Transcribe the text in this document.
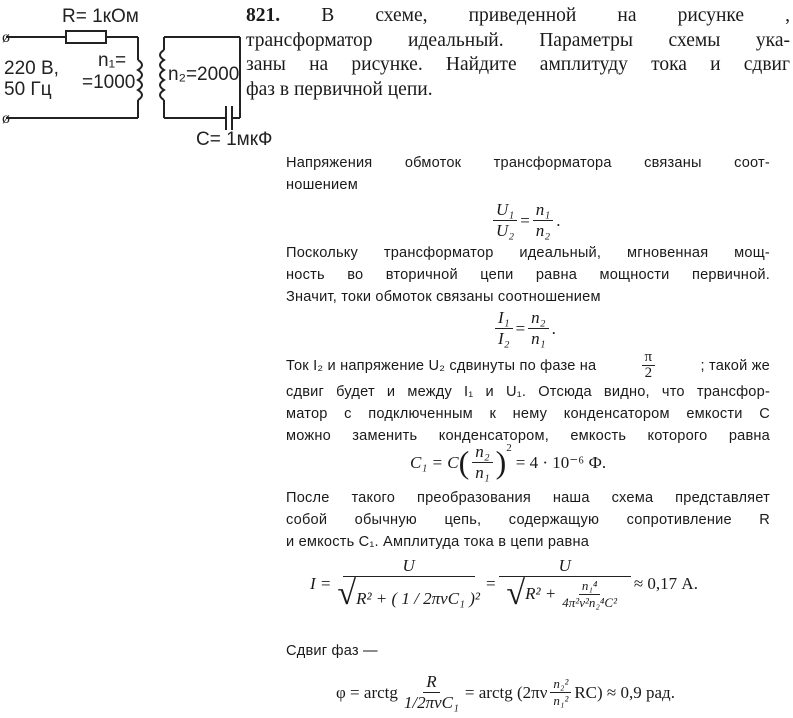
R= 1кОм
220 В,
50 Гц
n₁=
=1000 n₂=2000
C= 1мкФ
ø
ø
821. В схеме, приведенной на рисунке ,
трансформатор идеальный. Параметры схемы ука-
заны на рисунке. Найдите амплитуду тока и сдвиг
фаз в первичной цепи.
Напряжения обмоток трансформатора связаны соот-
ношением
$\frac{\text{U₁}}{\text{U₂}} = \frac{\text{n₁}}{\text{n₂}}$ .
Поскольку трансформатор идеальный, мгновенная мощ-
ность во вторичной цепи равна мощности первичной.
Значит, токи обмоток связаны соотношением
$\frac{\text{I₁}}{\text{I₂}} = \frac{\text{n₂}}{\text{n₁}}$ .
Ток I₂ и напряжение U₂ сдвинуты по фазе на	$\frac{\pi}{2}$	; такой же
сдвиг будет и между I₁ и U₁. Отсюда видно, что трансфор-
матор с подключенным к нему конденсатором емкости C
можно заменить конденсатором, емкость которого равна
C₁ = C ( $\frac{\text{n₂}}{\text{n₁}} )^2$
= 4 · 10⁻⁶ Ф.
После такого преобразования наша схема представляет
собой обычную цепь, содержащую сопротивление R
и емкость C₁. Амплитуда тока в цепи равна
$I = \frac{U}{\text{√R² + ( 1 / 2πνC₁ )²}} = \frac{U}{√ R^2 + \frac{\text{n₁⁴}}{\text{4π²ν²n₂⁴C²}}} \approx 0,17$ А.
Сдвиг фаз —
φ = arctg $\frac{R}{\text{1/2πνC₁}}$ = arctg $(2\pi\nu \frac{\text{n₂²}}{\text{n₁²}} RC) \approx 0,9$ рад.
